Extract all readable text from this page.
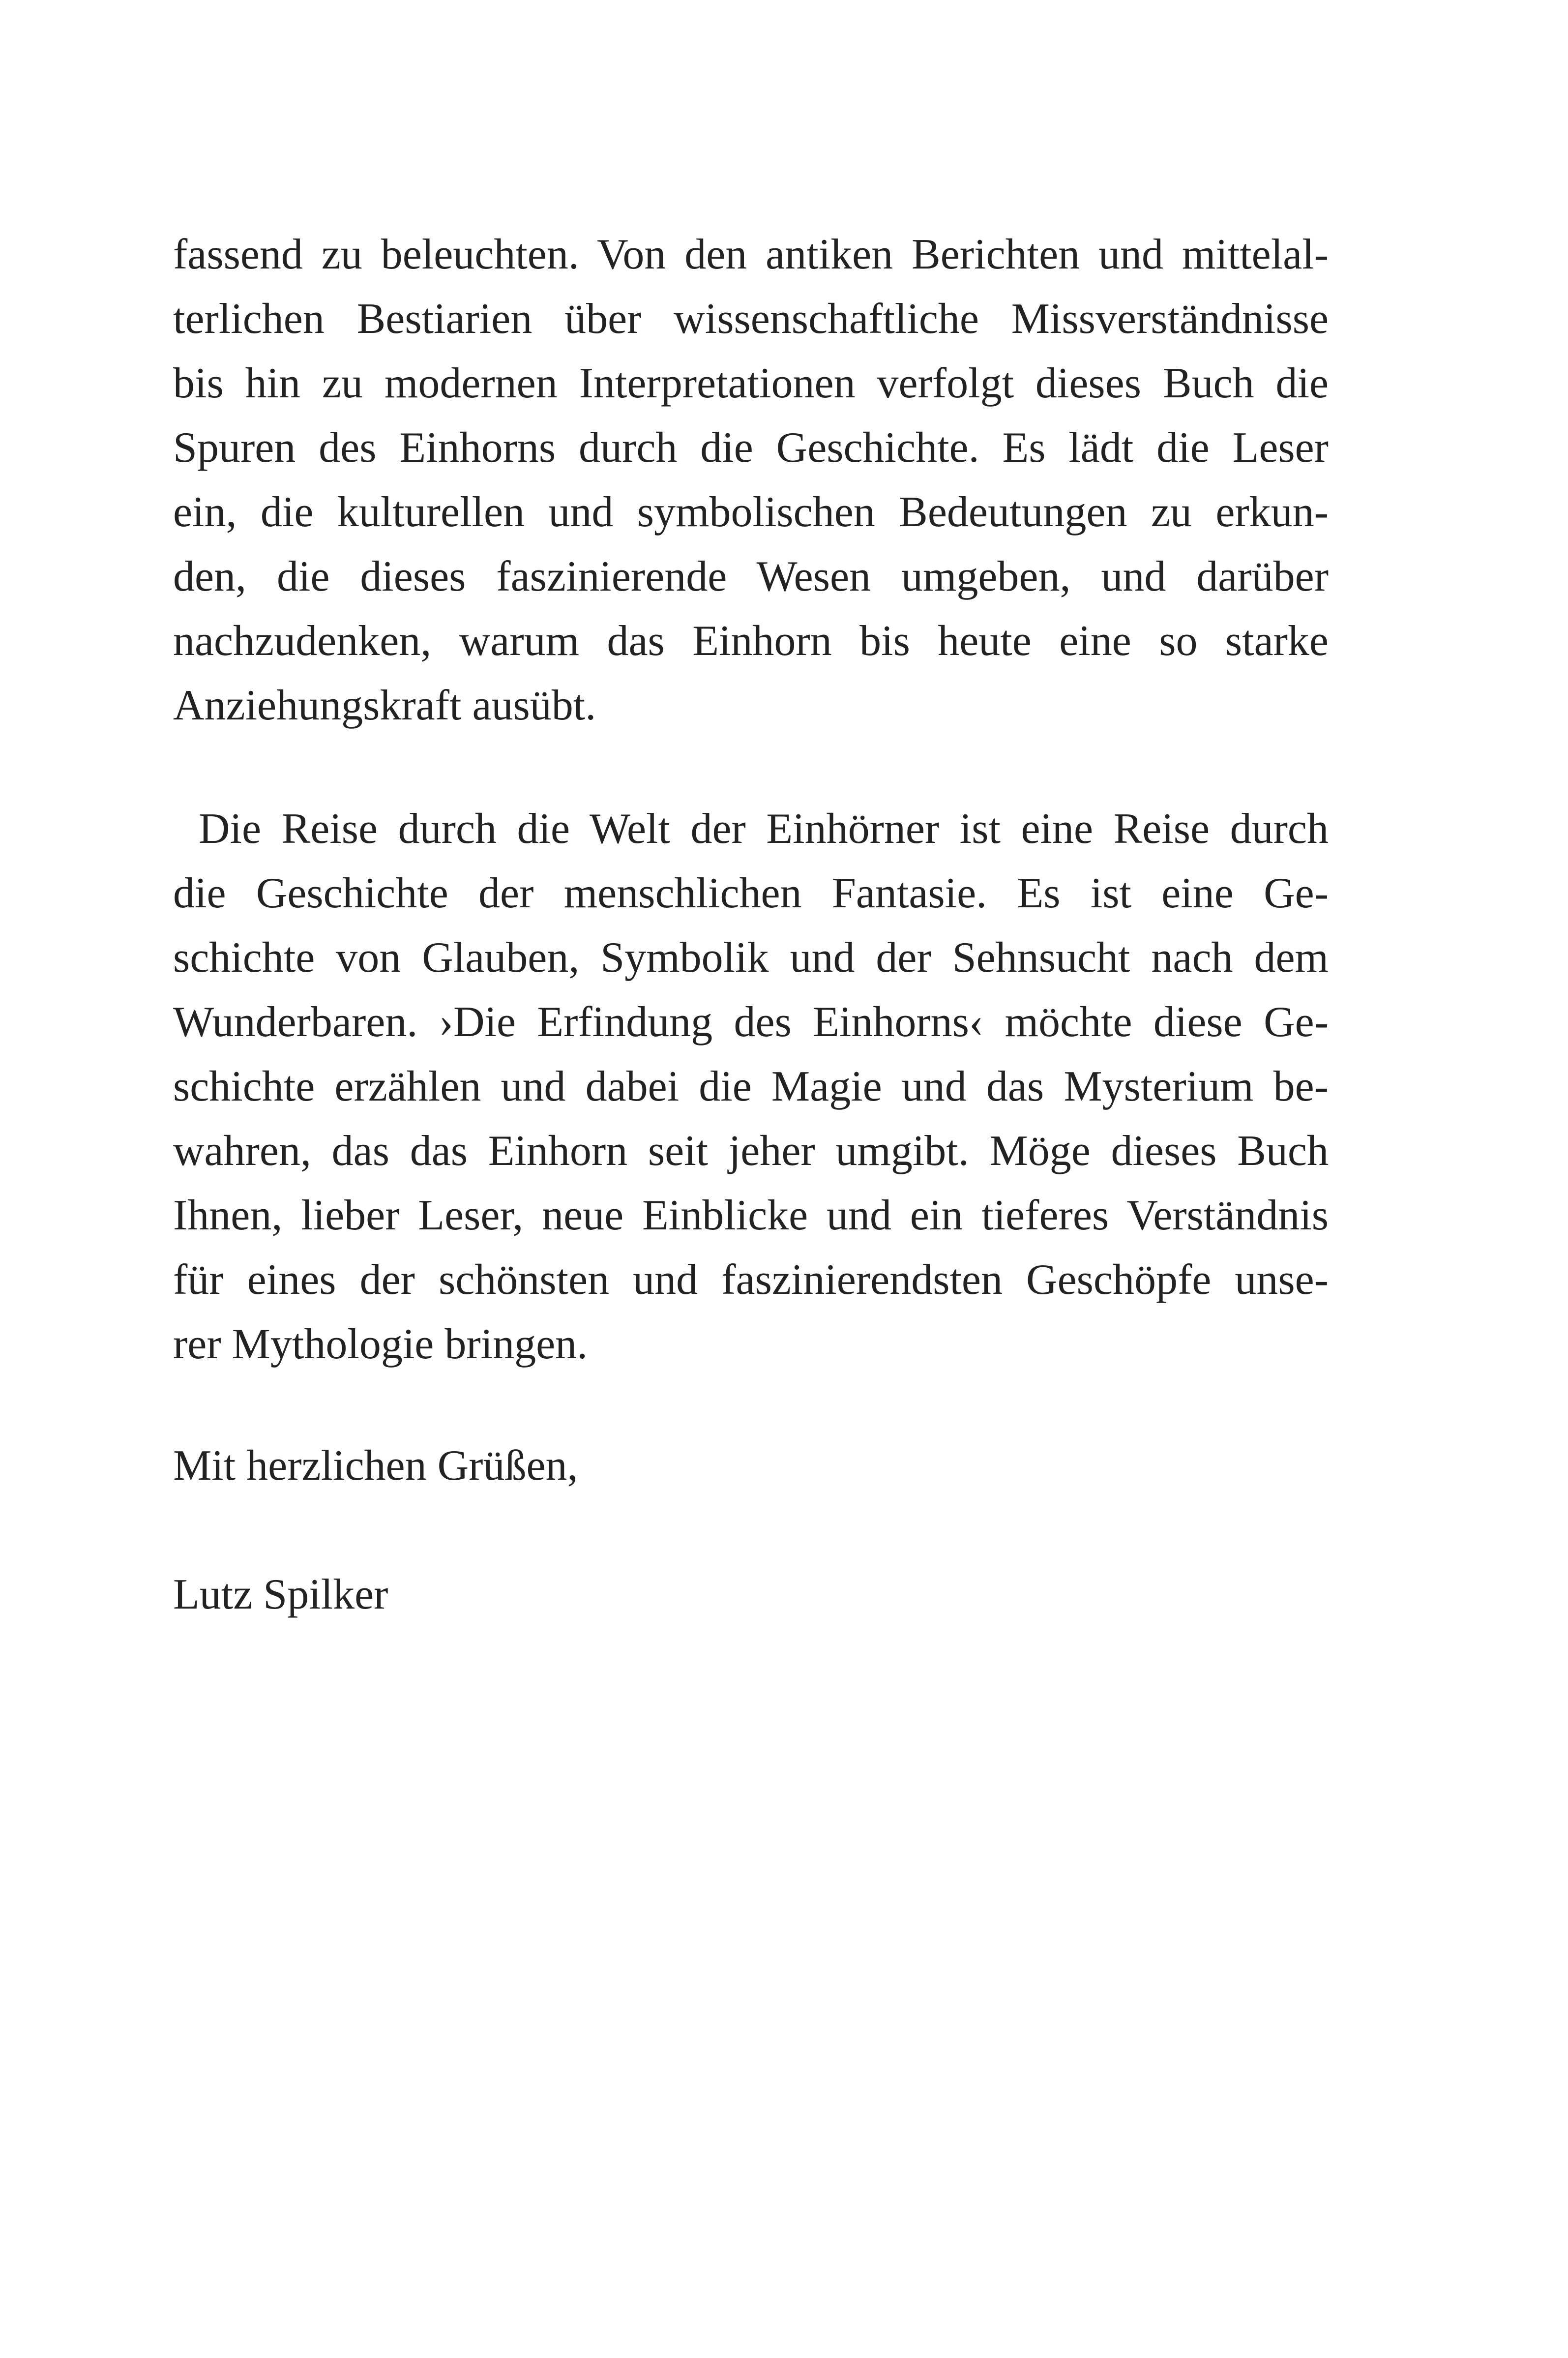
fassend zu beleuchten. Von den antiken Berichten und mittelal-
terlichen Bestiarien über wissenschaftliche Missverständnisse
bis hin zu modernen Interpretationen verfolgt dieses Buch die
Spuren des Einhorns durch die Geschichte. Es lädt die Leser
ein, die kulturellen und symbolischen Bedeutungen zu erkun-
den, die dieses faszinierende Wesen umgeben, und darüber
nachzudenken, warum das Einhorn bis heute eine so starke
Anziehungskraft ausübt.
Die Reise durch die Welt der Einhörner ist eine Reise durch
die Geschichte der menschlichen Fantasie. Es ist eine Ge-
schichte von Glauben, Symbolik und der Sehnsucht nach dem
Wunderbaren. ›Die Erfindung des Einhorns‹ möchte diese Ge-
schichte erzählen und dabei die Magie und das Mysterium be-
wahren, das das Einhorn seit jeher umgibt. Möge dieses Buch
Ihnen, lieber Leser, neue Einblicke und ein tieferes Verständnis
für eines der schönsten und faszinierendsten Geschöpfe unse-
rer Mythologie bringen.
Mit herzlichen Grüßen,
Lutz Spilker
